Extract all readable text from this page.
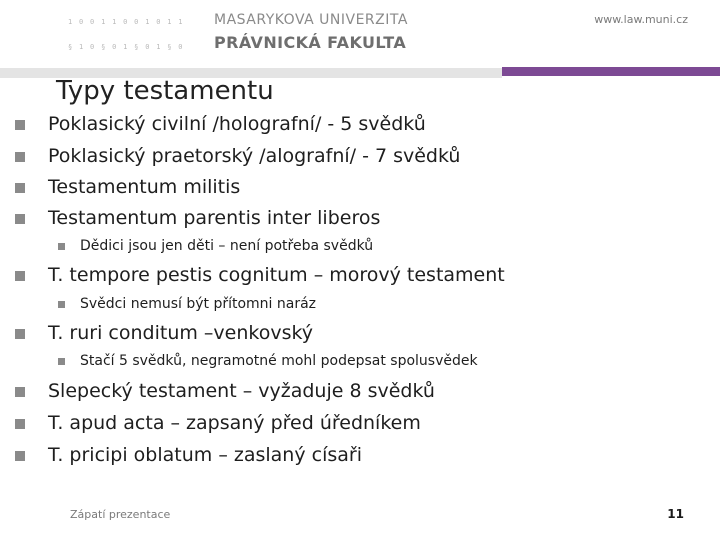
1 0 0 1 1 0 0 1 0 1 1

§ 1 0 § 0 1 § 0 1 § 0

MASARYKOVA UNIVERZITA
PRÁVNICKÁ FAKULTA
www.law.muni.cz
Typy testamentu
Poklasický civilní /holografní/ - 5 svědků
Poklasický praetorský /alografní/ - 7 svědků
Testamentum militis
Testamentum parentis inter liberos
Dědici jsou jen děti – není potřeba svědků
T. tempore pestis cognitum – morový testament
Svědci nemusí být přítomni naráz
T. ruri conditum –venkovský
Stačí 5 svědků, negramotné mohl podepsat spolusvědek
Slepecký testament – vyžaduje 8 svědků
T. apud acta – zapsaný před úředníkem
T. pricipi oblatum – zaslaný císaři
Zápatí prezentace	11
